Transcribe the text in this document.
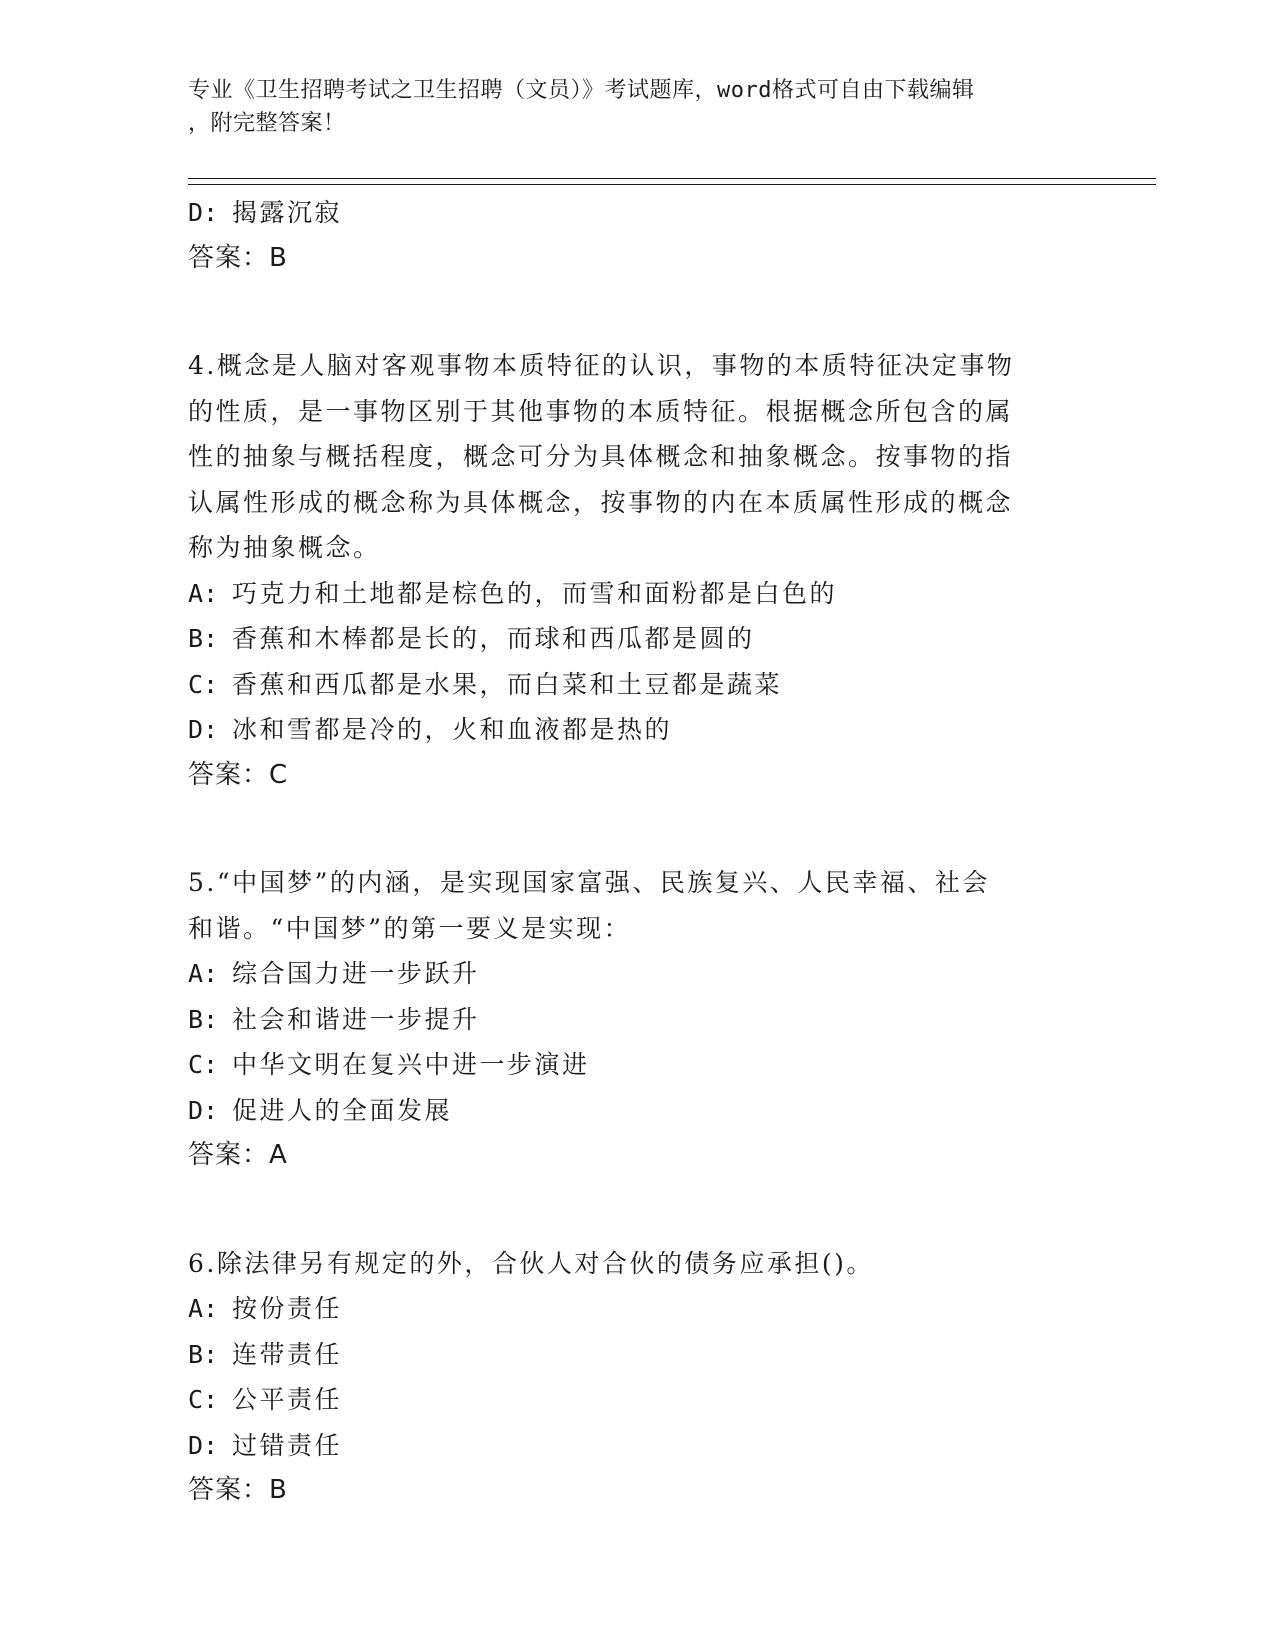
专业《卫生招聘考试之卫生招聘（文员）》考试题库，word格式可自由下载编辑
，附完整答案！
D: 揭露沉寂
答案：B
4.概念是人脑对客观事物本质特征的认识，事物的本质特征决定事物
的性质，是一事物区别于其他事物的本质特征。根据概念所包含的属
性的抽象与概括程度，概念可分为具体概念和抽象概念。按事物的指
认属性形成的概念称为具体概念，按事物的内在本质属性形成的概念
称为抽象概念。
A: 巧克力和土地都是棕色的，而雪和面粉都是白色的
B: 香蕉和木棒都是长的，而球和西瓜都是圆的
C: 香蕉和西瓜都是水果，而白菜和土豆都是蔬菜
D: 冰和雪都是冷的，火和血液都是热的
答案：C
5.“中国梦”的内涵，是实现国家富强、民族复兴、人民幸福、社会
和谐。“中国梦”的第一要义是实现：
A: 综合国力进一步跃升
B: 社会和谐进一步提升
C: 中华文明在复兴中进一步演进
D: 促进人的全面发展
答案：A
6.除法律另有规定的外，合伙人对合伙的债务应承担()。
A: 按份责任
B: 连带责任
C: 公平责任
D: 过错责任
答案：B
